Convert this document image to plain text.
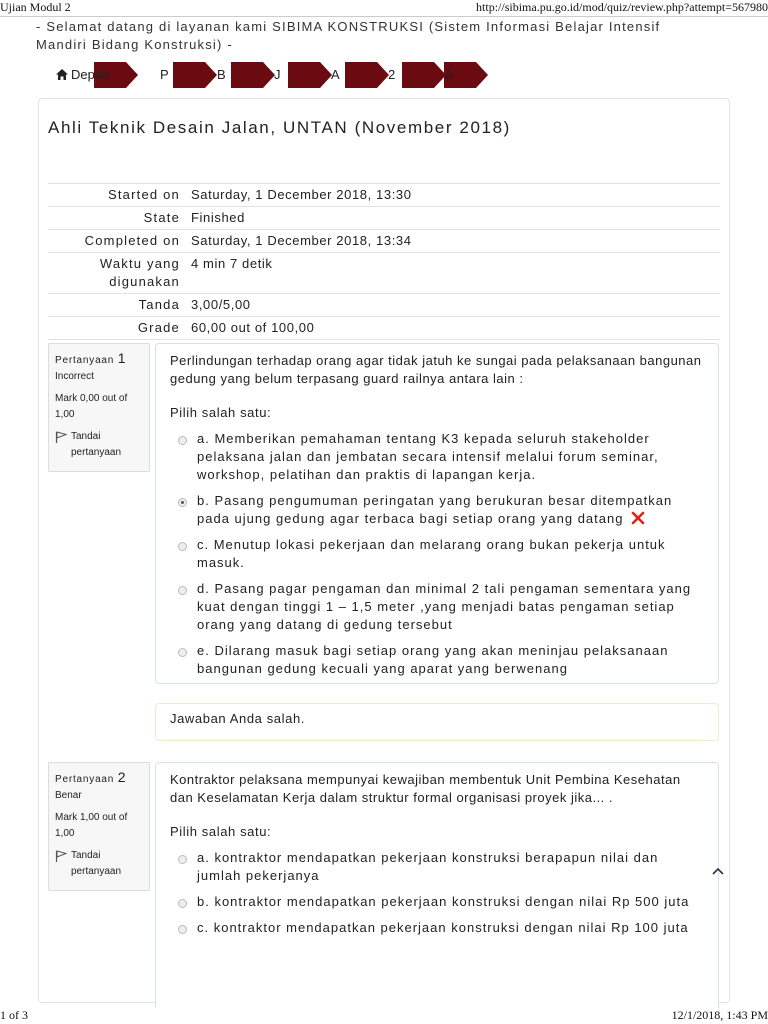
Ujian Modul 2	http://sibima.pu.go.id/mod/quiz/review.php?attempt=567980
- Selamat datang di layanan kami SIBIMA KONSTRUKSI (Sistem Informasi Belajar Intensif Mandiri Bidang Konstruksi) -
Depan	P	B	J	A	2	A
Ahli Teknik Desain Jalan, UNTAN (November 2018)
Started on Saturday, 1 December 2018, 13:30
State Finished
Completed on Saturday, 1 December 2018, 13:34
Waktu yang digunakan
4 min 7 detik
Tanda 3,00/5,00
Grade 60,00 out of 100,00
Pertanyaan 1
Incorrect
Mark 0,00 out of 1,00
Tandai pertanyaan
Perlindungan terhadap orang agar tidak jatuh ke sungai pada pelaksanaan bangunan gedung yang belum terpasang guard railnya antara lain :
Pilih salah satu:
a. Memberikan pemahaman tentang K3 kepada seluruh stakeholder pelaksana jalan dan jembatan secara intensif melalui forum seminar, workshop, pelatihan dan praktis di lapangan kerja.
b. Pasang pengumuman peringatan yang berukuran besar ditempatkan pada ujung gedung agar terbaca bagi setiap orang yang datang
c. Menutup lokasi pekerjaan dan melarang orang bukan pekerja untuk masuk.
d. Pasang pagar pengaman dan minimal 2 tali pengaman sementara yang kuat dengan tinggi 1 – 1,5 meter ,yang menjadi batas pengaman setiap orang yang datang di gedung tersebut
e. Dilarang masuk bagi setiap orang yang akan meninjau pelaksanaan bangunan gedung kecuali yang aparat yang berwenang
Jawaban Anda salah.
Pertanyaan 2
Benar
Mark 1,00 out of 1,00
Tandai pertanyaan
Kontraktor pelaksana mempunyai kewajiban membentuk Unit Pembina Kesehatan dan Keselamatan Kerja dalam struktur formal organisasi proyek jika... .
Pilih salah satu:
a. kontraktor mendapatkan pekerjaan konstruksi berapapun nilai dan jumlah pekerjanya
b. kontraktor mendapatkan pekerjaan konstruksi dengan nilai Rp 500 juta
c. kontraktor mendapatkan pekerjaan konstruksi dengan nilai Rp 100 juta
1 of 3	12/1/2018, 1:43 PM
